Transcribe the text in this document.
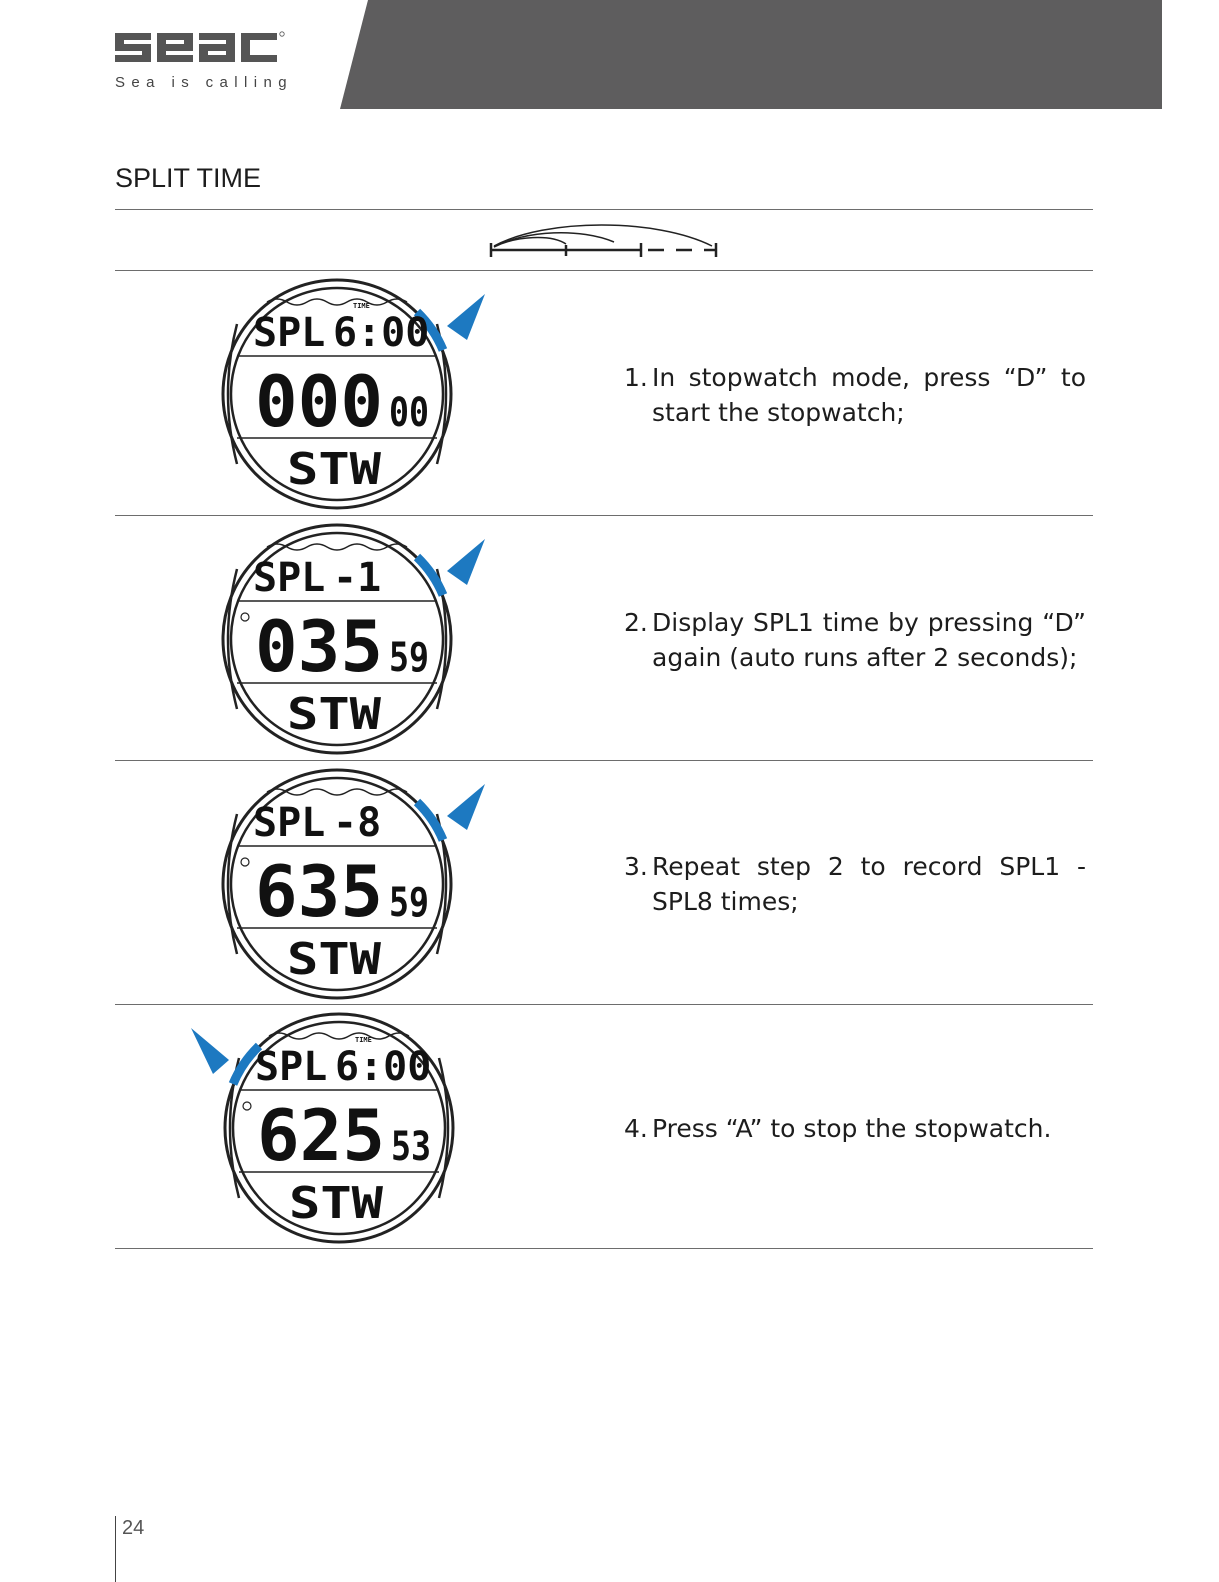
Sea is calling
SPLIT TIME
SPL
TIME
6:00
000 00
STW
1. In stopwatch mode, press “D” to start the stopwatch;
SPL -1
035 59
STW
2. Display SPL1 time by pressing “D” again (auto runs after 2 seconds);
SPL -8
635 59
STW
3. Repeat step 2 to record SPL1 - SPL8 times;
SPL
TIME
6:00
625 53
STW
4. Press “A” to stop the stopwatch.
24
